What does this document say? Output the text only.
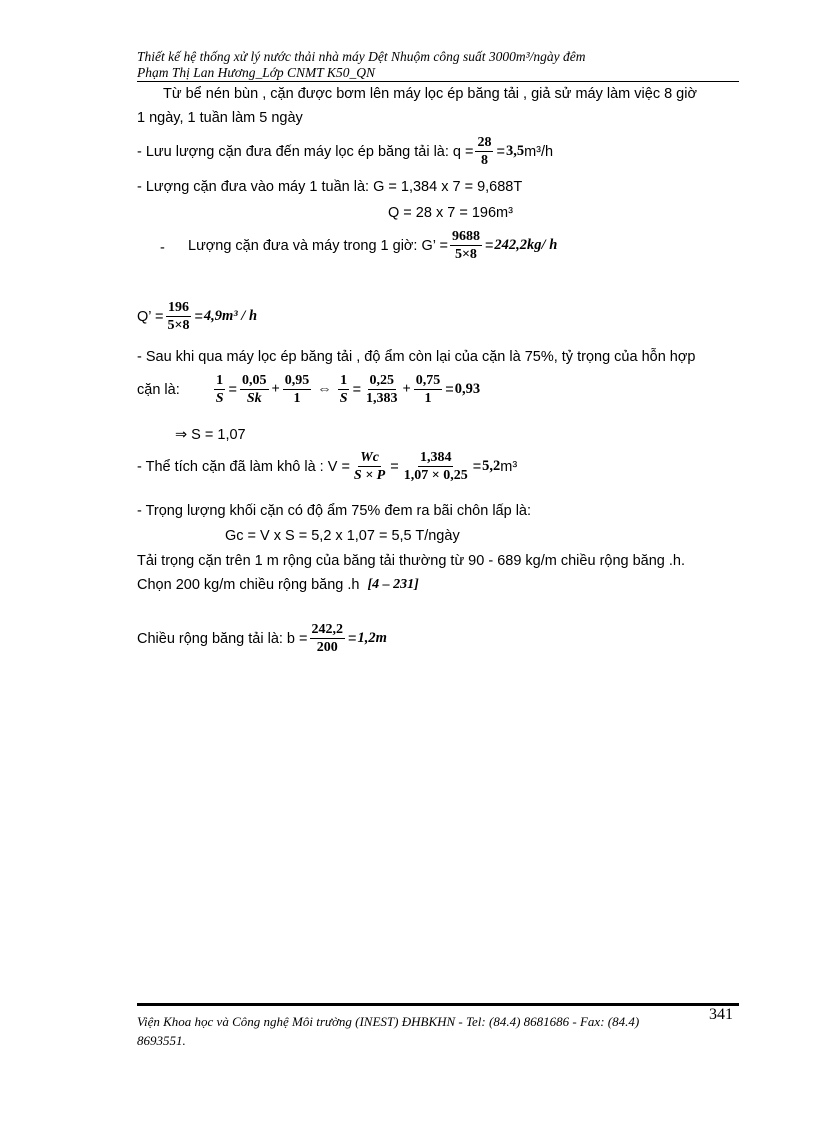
Thiết kế hệ thống xử lý nước thải nhà máy Dệt Nhuộm công suất 3000m³/ngày đêm
Phạm Thị Lan Hương_Lớp CNMT K50_QN
Từ bể nén bùn , cặn được bơm lên máy lọc ép băng tải , giả sử máy làm việc 8 giờ
1 ngày, 1 tuần làm 5 ngày
- Lưu lượng cặn đưa đến máy lọc ép băng tải là: $q = \frac{28}{8} = 3,5$ m³/h
- Lượng cặn đưa vào máy 1 tuần là: G = 1,384 x 7 = 9,688T
Q = 28 x 7 = 196m³
- Lượng cặn đưa và máy trong 1 giờ: G’ = $\frac{9688}{5\times 8} = 242,2kg/$ h
Q’ = $\frac{196}{5\times 8} = 4,9m^3 / h$
- Sau khi qua máy lọc ép băng tải , độ ẩm còn lại của cặn là 75%, tỷ trọng của hỗn hợp
cặn là: $\frac{1}{S} = \frac{0,05}{Sk} + \frac{0,95}{1}$ ⇔ $\frac{1}{S} = \frac{0,25}{1,383} + \frac{0,75}{1} = 0,93$
⇒ S = 1,07
- Thể tích cặn đã làm khô là : $V = \frac{Wc}{S \times P} = \frac{1,384}{1,07 \times 0,25} = 5,2$ m³
- Trọng lượng khối cặn có độ ẩm 75% đem ra bãi chôn lấp là:
Gc = V x S = 5,2 x 1,07 = 5,5 T/ngày
Tải trọng cặn trên 1 m rộng của băng tải thường từ 90 - 689 kg/m chiều rộng băng .h.
Chọn 200 kg/m chiều rộng băng .h [4 – 231]
Chiều rộng băng tải là: $b = \frac{242,2}{200} = 1,2m$
Viện Khoa học và Công nghệ Môi trường (INEST) ĐHBKHN - Tel: (84.4) 8681686 - Fax: (84.4)
8693551.
341
